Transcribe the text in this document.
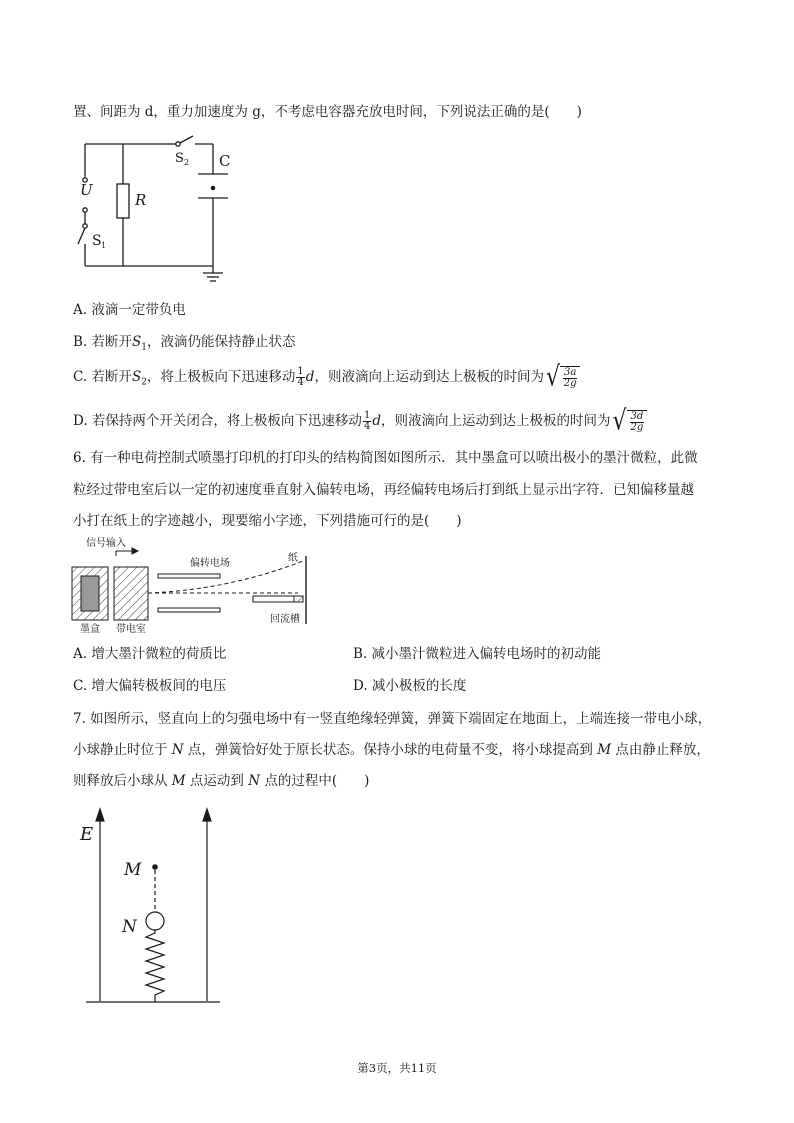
置、间距为 d，重力加速度为 g，不考虑电容器充放电时间，下列说法正确的是(　　)
S 2 C
U
R
S 1
A. 液滴一定带负电
B. 若断开$S_1$，液滴仍能保持静止状态
C. 若断开$S_2$，将上极板向下迅速移动 $\frac{1}{4}$ d，则液滴向上运动到达上极板的时间为√ $\frac{3a}{2g}$
D. 若保持两个开关闭合，将上极板向下迅速移动 $\frac{1}{4}$ d，则液滴向上运动到达上极板的时间为√ $\frac{3d}{2g}$
6. 有一种电荷控制式喷墨打印机的打印头的结构简图如图所示．其中墨盒可以喷出极小的墨汁微粒，此微
粒经过带电室后以一定的初速度垂直射入偏转电场，再经偏转电场后打到纸上显示出字符．已知偏移量越
小打在纸上的字迹越小，现要缩小字迹，下列措施可行的是(　　)
信号输入
偏转电场	纸
墨盒 带电室
回流槽
A. 增大墨汁微粒的荷质比	B. 减小墨汁微粒进入偏转电场时的初动能
C. 增大偏转极板间的电压	D. 减小极板的长度
7. 如图所示，竖直向上的匀强电场中有一竖直绝缘轻弹簧，弹簧下端固定在地面上，上端连接一带电小球，
小球静止时位于 N 点，弹簧恰好处于原长状态。保持小球的电荷量不变，将小球提高到 M 点由静止释放，
则释放后小球从 M 点运动到 N 点的过程中(　　)
E
M
N
第3页，共11页
